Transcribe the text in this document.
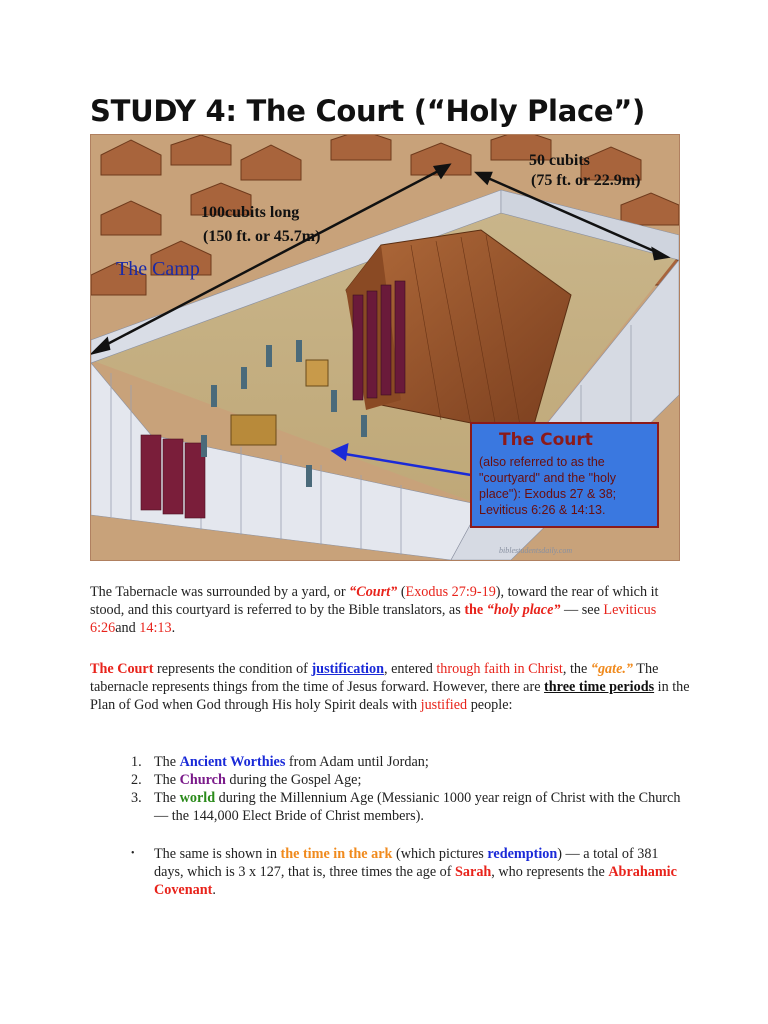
STUDY 4: The Court (“Holy Place”)
100cubits long
(150 ft. or 45.7m)
50 cubits
(75 ft. or 22.9m)
The Camp
The Court
(also referred to as the
"courtyard" and the "holy
place"): Exodus 27 & 38;
Leviticus 6:26 & 14:13.
biblestudentsdaily.com
The Tabernacle was surrounded by a yard, or “Court” (Exodus 27:9-19), toward the rear of which it stood, and this courtyard is referred to by the Bible translators, as the “holy place” — see Leviticus 6:26and 14:13.
The Court represents the condition of justification, entered through faith in Christ, the “gate.” The tabernacle represents things from the time of Jesus forward. However, there are three time periods in the Plan of God when God through His holy Spirit deals with justified people:
1. The Ancient Worthies from Adam until Jordan;
2. The Church during the Gospel Age;
3. The world during the Millennium Age (Messianic 1000 year reign of Christ with the Church — the 144,000 Elect Bride of Christ members).
• The same is shown in the time in the ark (which pictures redemption) — a total of 381 days, which is 3 x 127, that is, three times the age of Sarah, who represents the Abrahamic Covenant.
